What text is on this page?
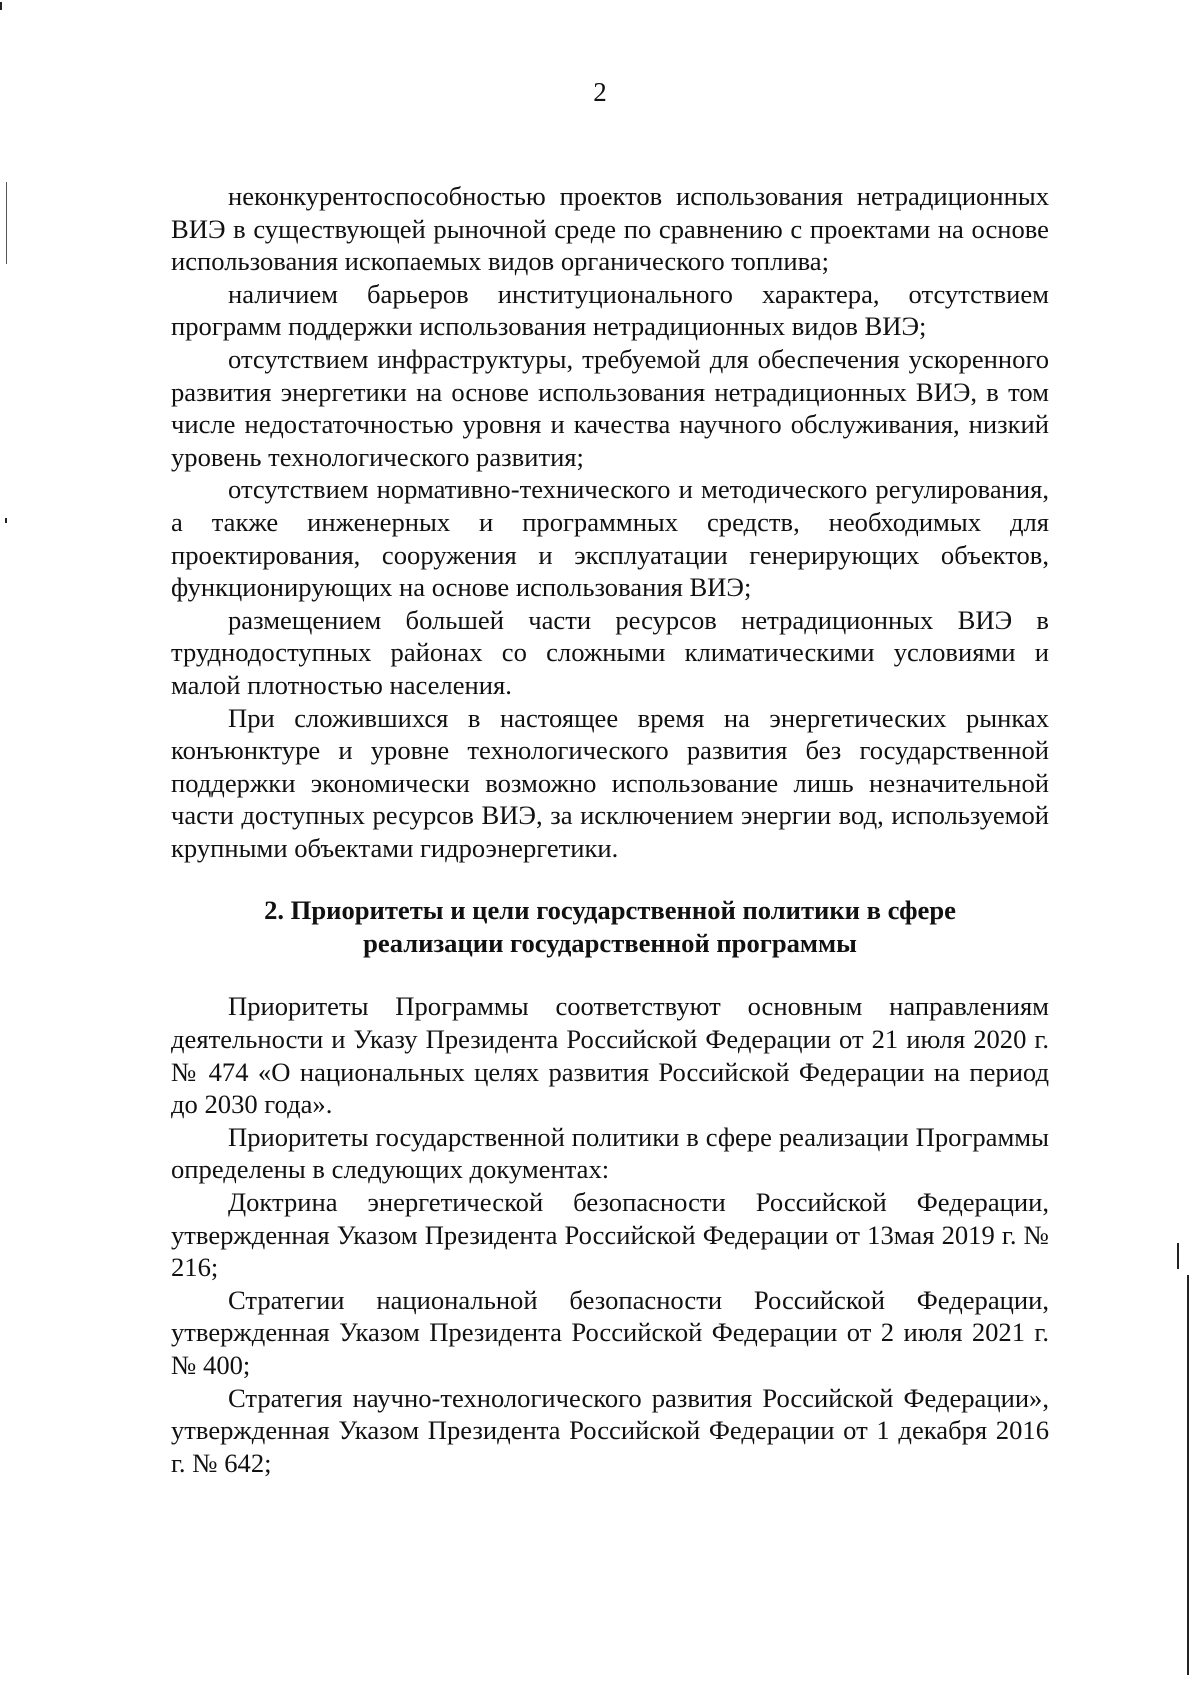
2

неконкурентоспособностью проектов использования нетрадиционных ВИЭ в существующей рыночной среде по сравнению с проектами на основе использования ископаемых видов органического топлива;

наличием барьеров институционального характера, отсутствием программ поддержки использования нетрадиционных видов ВИЭ;

отсутствием инфраструктуры, требуемой для обеспечения ускоренного развития энергетики на основе использования нетрадиционных ВИЭ, в том числе недостаточностью уровня и качества научного обслуживания, низкий уровень технологического развития;

отсутствием нормативно-технического и методического регулирования, а также инженерных и программных средств, необходимых для проектирования, сооружения и эксплуатации генерирующих объектов, функционирующих на основе использования ВИЭ;

размещением большей части ресурсов нетрадиционных ВИЭ в труднодоступных районах со сложными климатическими условиями и малой плотностью населения.

При сложившихся в настоящее время на энергетических рынках конъюнктуре и уровне технологического развития без государственной поддержки экономически возможно использование лишь незначительной части доступных ресурсов ВИЭ, за исключением энергии вод, используемой крупными объектами гидроэнергетики.

2. Приоритеты и цели государственной политики в сфере
реализации государственной программы

Приоритеты Программы соответствуют основным направлениям деятельности и Указу Президента Российской Федерации от 21 июля 2020 г. № 474 «О национальных целях развития Российской Федерации на период до 2030 года».

Приоритеты государственной политики в сфере реализации Программы определены в следующих документах:

Доктрина энергетической безопасности Российской Федерации, утвержденная Указом Президента Российской Федерации от 13мая 2019 г. № 216;

Стратегии национальной безопасности Российской Федерации, утвержденная Указом Президента Российской Федерации от 2 июля 2021 г. № 400;

Стратегия научно-технологического развития Российской Федерации», утвержденная Указом Президента Российской Федерации от 1 декабря 2016 г. № 642;
